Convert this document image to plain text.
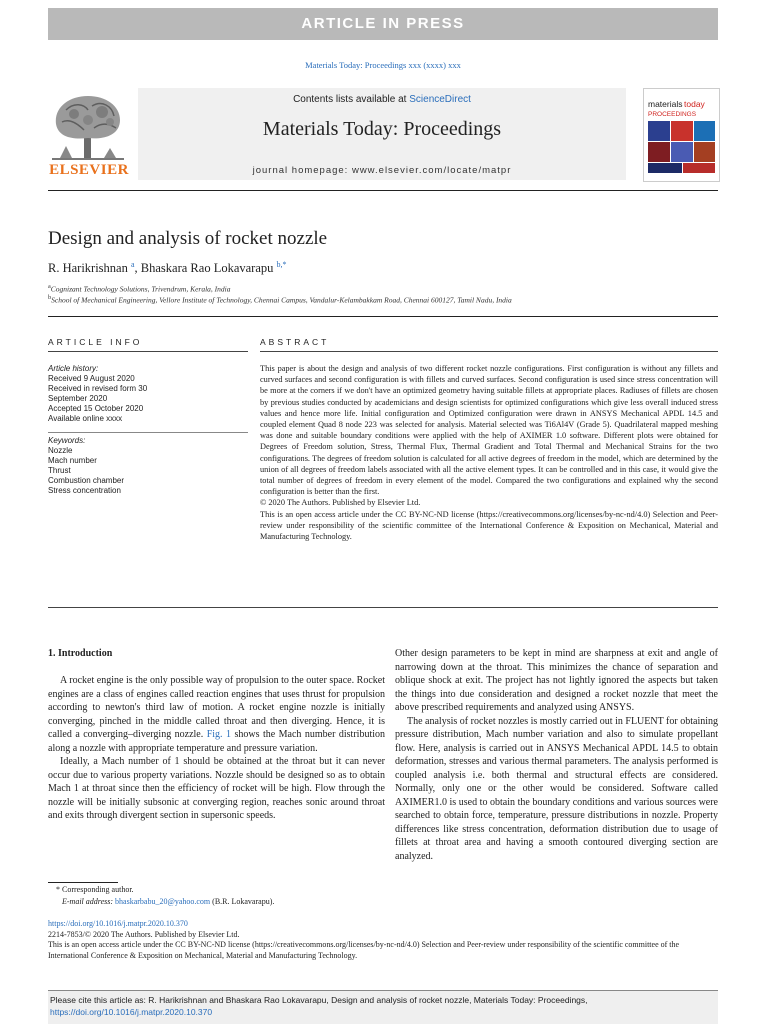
ARTICLE IN PRESS
Materials Today: Proceedings xxx (xxxx) xxx
ELSEVIER
Contents lists available at ScienceDirect
Materials Today: Proceedings
journal homepage: www.elsevier.com/locate/matpr
materials today
PROCEEDINGS
Design and analysis of rocket nozzle
R. Harikrishnan $^a$, Bhaskara Rao Lokavarapu $^{b,*}$
$^a$Cognizant Technology Solutions, Trivendrum, Kerala, India
$^b$School of Mechanical Engineering, Vellore Institute of Technology, Chennai Campus, Vandalur-Kelambakkam Road, Chennai 600127, Tamil Nadu, India
ARTICLE INFO	ABSTRACT
Article history:
Received 9 August 2020
Received in revised form 30 September 2020
Accepted 15 October 2020
Available online xxxx
Keywords:
Nozzle
Mach number
Thrust
Combustion chamber
Stress concentration
This paper is about the design and analysis of two different rocket nozzle configurations. First configuration is without any fillets and curved surfaces and second configuration is with fillets and curved surfaces. Second configuration is used since stress concentration will be more at the corners if we don't have an optimized geometry having suitable fillets at appropriate places. Radiuses of fillets are chosen by previous studies conducted by academicians and design scientists for optimized configurations which give less overall induced stress values and hence more life. Initial configuration and Optimized configuration were drawn in ANSYS Mechanical APDL 14.5 and coupled element Quad 8 node 223 was selected for analysis. Material selected was Ti6Al4V (Grade 5). Quadrilateral mapped meshing was done and suitable boundary conditions were applied with the help of AXIMER 1.0 software. Different plots were obtained for Degrees of Freedom solution, Stress, Thermal Flux, Thermal Gradient and Total Thermal and Mechanical Strains for the two configurations. The degrees of freedom solution is calculated for all active degrees of freedom in the model, which are determined by the union of all degrees of freedom labels associated with all the active element types. It can be controlled and in this case, it would give the total number of degrees of freedom in every element of the model. Compared the two configurations and explained why the second configuration is better than the first.
© 2020 The Authors. Published by Elsevier Ltd.
This is an open access article under the CC BY-NC-ND license (https://creativecommons.org/licenses/by-nc-nd/4.0) Selection and Peer-review under responsibility of the scientific committee of the International Conference & Exposition on Mechanical, Material and Manufacturing Technology.
1. Introduction

A rocket engine is the only possible way of propulsion to the outer space. Rocket engines are a class of engines called reaction engines that uses thrust for propulsion according to newton's third law of motion. A rocket engine nozzle is initially converging, pinched in the middle called throat and then diverging. Hence, it is called a converging–diverging nozzle. Fig. 1 shows the Mach number distribution along a nozzle with appropriate temperature and pressure variation.

Ideally, a Mach number of 1 should be obtained at the throat but it can never occur due to various property variations. Nozzle should be designed so as to obtain Mach 1 at throat since then the efficiency of rocket will be high. Flow through the nozzle will be initially subsonic at converging region, reaches sonic around throat and exits through divergent section in supersonic speeds.

Other design parameters to be kept in mind are sharpness at exit and angle of narrowing down at the throat. This minimizes the chance of separation and oblique shock at exit. The project has not lightly ignored the aspects but taken the things into due consideration and designed a rocket nozzle that meet the above prescribed requirements and analyzed using ANSYS.

The analysis of rocket nozzles is mostly carried out in FLUENT for obtaining pressure distribution, Mach number variation and also to simulate propellant flow. Here, analysis is carried out in ANSYS Mechanical APDL 14.5 to obtain deformation, stresses and various thermal parameters. The analysis performed is coupled analysis i.e. both thermal and structural effects are considered. Normally, only one or the other would be considered. Software called AXIMER1.0 is used to obtain the boundary conditions and various sources were searched to obtain force, temperature, pressure distributions in nozzle. Property differences like stress concentration, deformation distribution due to usage of fillets at throat area and having a smooth contoured diverging section are analyzed.

* Corresponding author.
E-mail address: bhaskarbabu_20@yahoo.com (B.R. Lokavarapu).
https://doi.org/10.1016/j.matpr.2020.10.370
2214-7853/© 2020 The Authors. Published by Elsevier Ltd.
This is an open access article under the CC BY-NC-ND license (https://creativecommons.org/licenses/by-nc-nd/4.0) Selection and Peer-review under responsibility of the scientific committee of the International Conference & Exposition on Mechanical, Material and Manufacturing Technology.
Please cite this article as: R. Harikrishnan and Bhaskara Rao Lokavarapu, Design and analysis of rocket nozzle, Materials Today: Proceedings, https://doi.org/10.1016/j.matpr.2020.10.370
